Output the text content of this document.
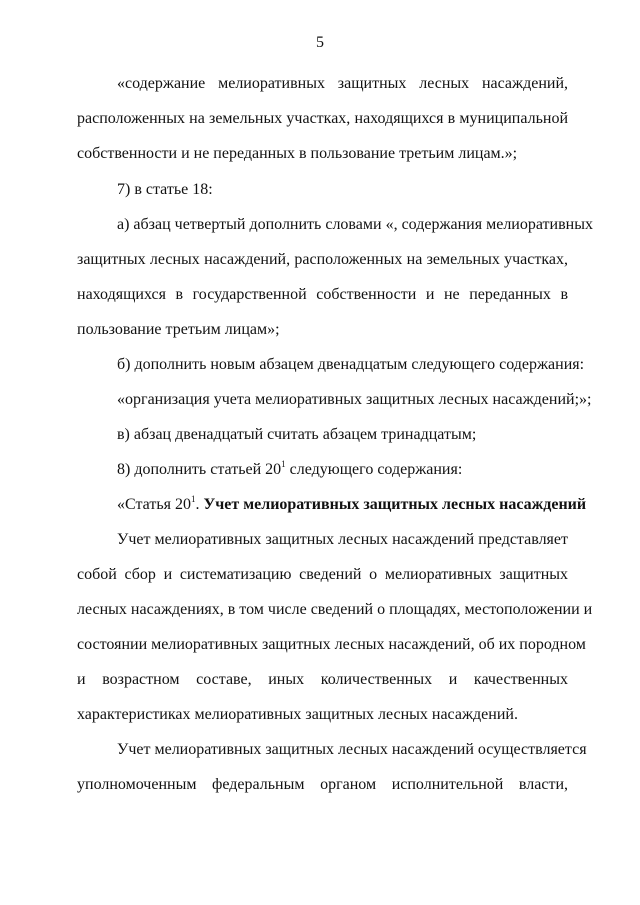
5
«содержание мелиоративных защитных лесных насаждений,
расположенных на земельных участках, находящихся в муниципальной
собственности и не переданных в пользование третьим лицам.»;
7) в статье 18:
а) абзац четвертый дополнить словами «, содержания мелиоративных
защитных лесных насаждений, расположенных на земельных участках,
находящихся в государственной собственности и не переданных в
пользование третьим лицам»;
б) дополнить новым абзацем двенадцатым следующего содержания:
«организация учета мелиоративных защитных лесных насаждений;»;
в) абзац двенадцатый считать абзацем тринадцатым;
8) дополнить статьей $20^1$ следующего содержания:
«Статья $20^1$. Учет мелиоративных защитных лесных насаждений
Учет мелиоративных защитных лесных насаждений представляет
собой сбор и систематизацию сведений о мелиоративных защитных
лесных насаждениях, в том числе сведений о площадях, местоположении и
состоянии мелиоративных защитных лесных насаждений, об их породном
и возрастном составе, иных количественных и качественных
характеристиках мелиоративных защитных лесных насаждений.
Учет мелиоративных защитных лесных насаждений осуществляется
уполномоченным федеральным органом исполнительной власти,
